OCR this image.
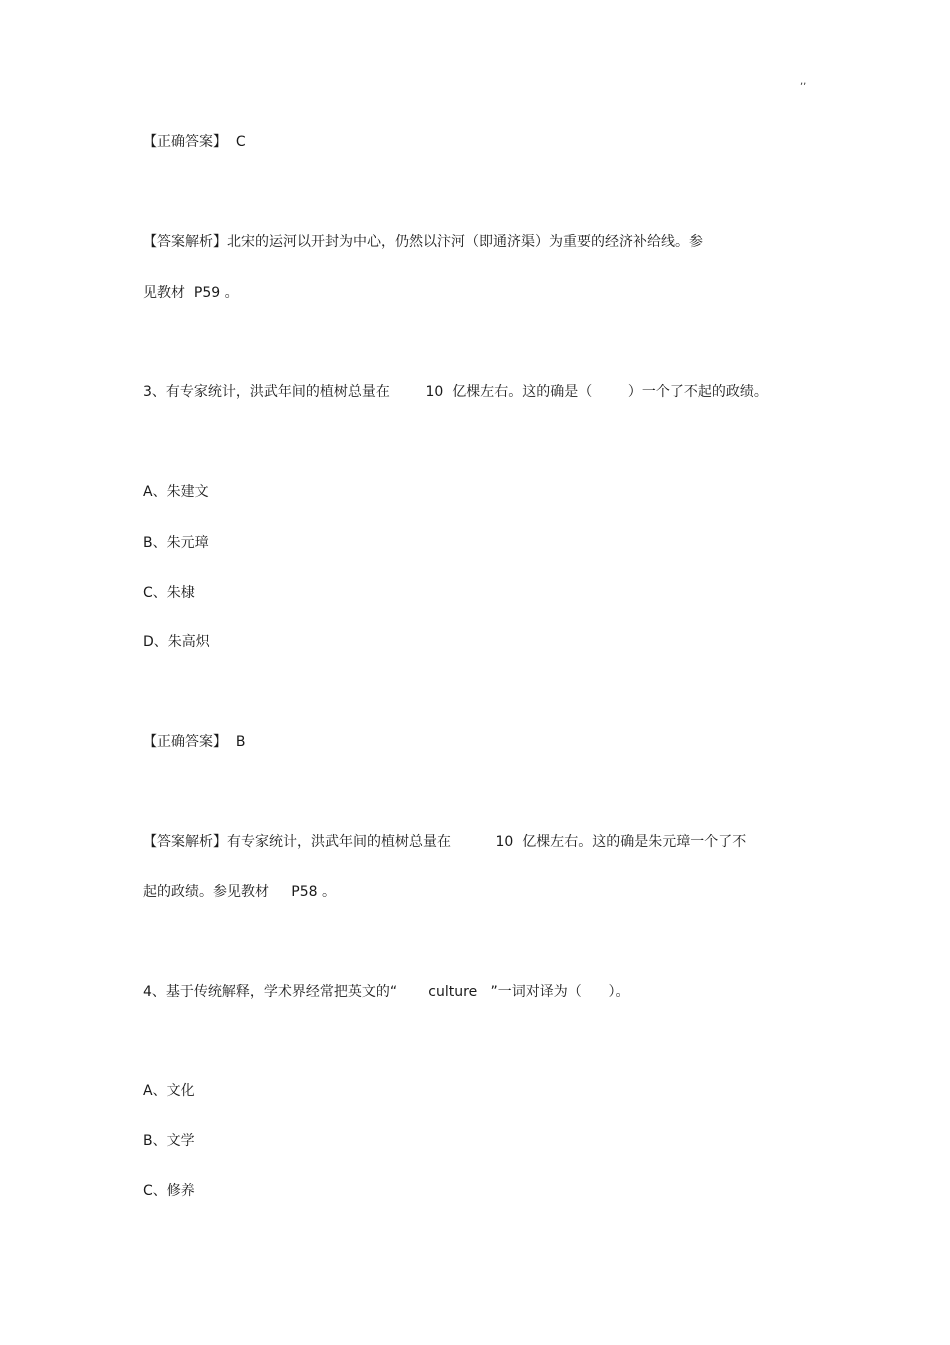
,,
【正确答案】  C
【答案解析】北宋的运河以开封为中心，仍然以汴河（即通济渠）为重要的经济补给线。参
见教材  P59 。
3、有专家统计，洪武年间的植树总量在        10  亿棵左右。这的确是（        ）一个了不起的政绩。
A、朱建文
B、朱元璋
C、朱棣
D、朱高炽
【正确答案】  B
【答案解析】有专家统计，洪武年间的植树总量在          10  亿棵左右。这的确是朱元璋一个了不
起的政绩。参见教材     P58 。
4、基于传统解释，学术界经常把英文的“       culture   ”一词对译为（      ）。
A、文化
B、文学
C、修养
